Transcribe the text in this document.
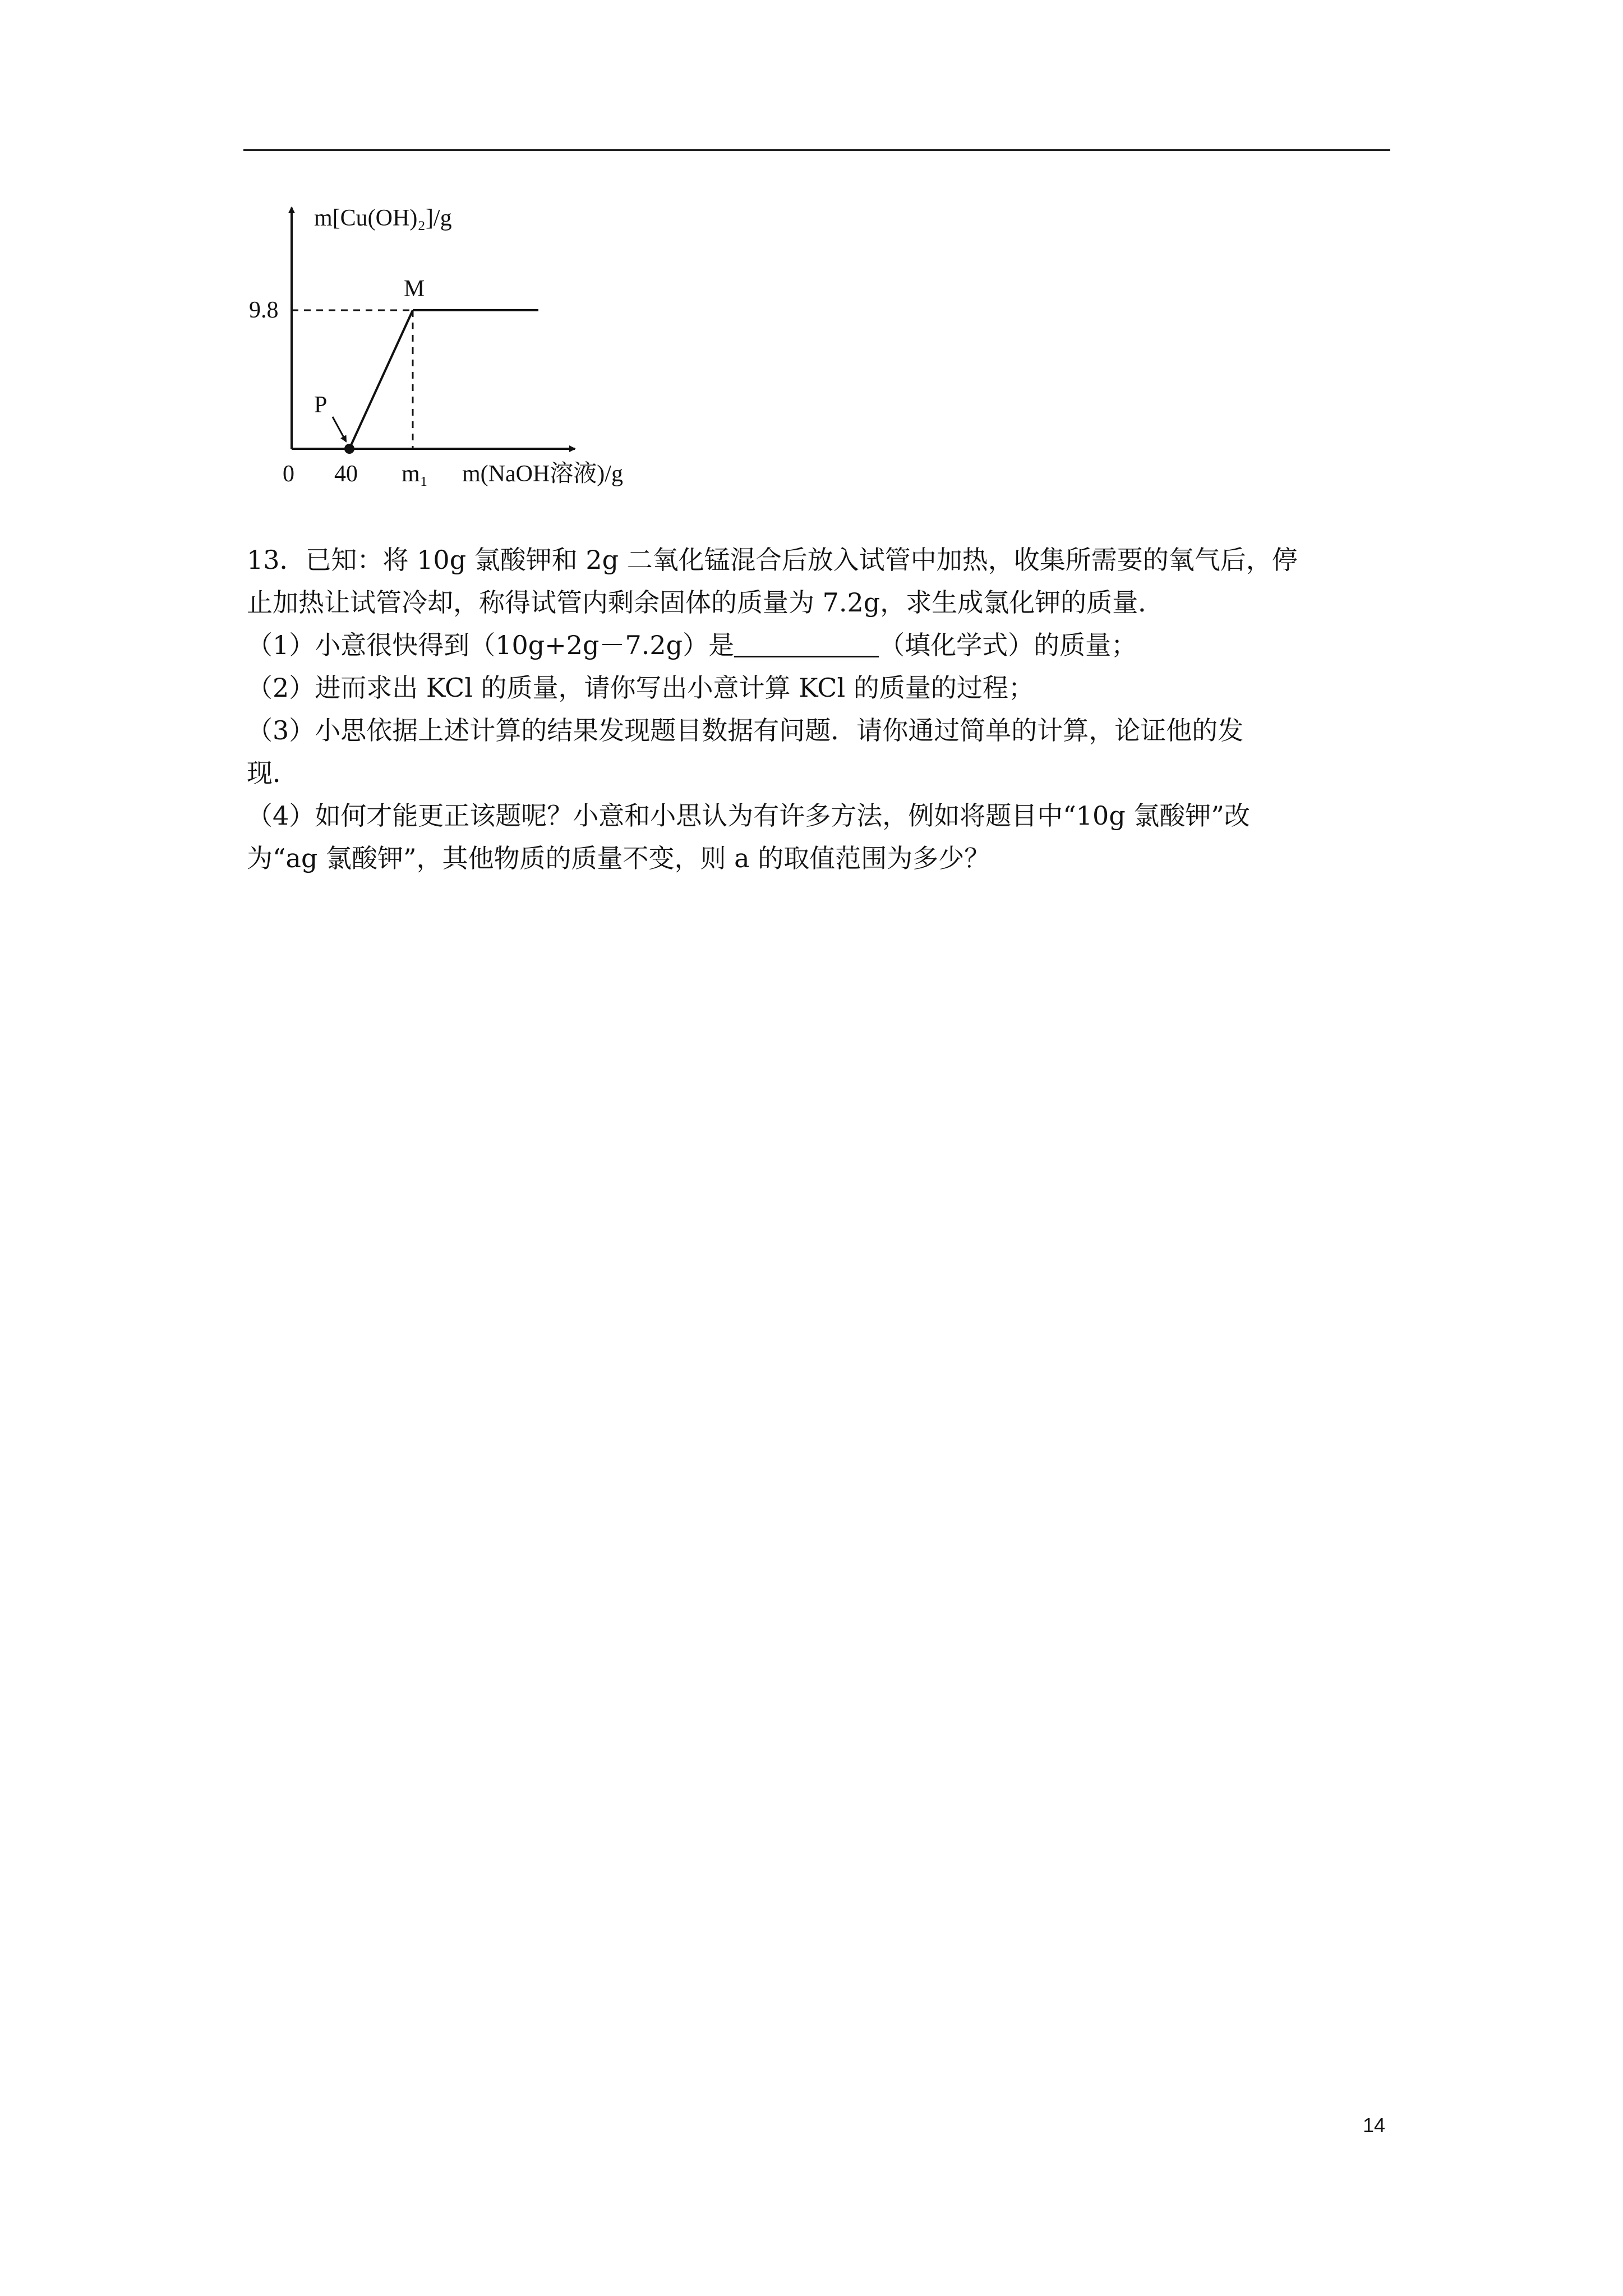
m[Cu(OH)₂]/g
P
M
9.8
0 40 m₁ m(NaOH溶液)/g

13．已知：将 10g 氯酸钾和 2g 二氧化锰混合后放入试管中加热，收集所需要的氧气后，停

止加热让试管冷却，称得试管内剩余固体的质量为 7.2g，求生成氯化钾的质量．

（1）小意很快得到（10g+2g－7.2g）是	（填化学式）的质量；

（2）进而求出 KCl 的质量，请你写出小意计算 KCl 的质量的过程；

（3）小思依据上述计算的结果发现题目数据有问题．请你通过简单的计算，论证他的发

现．

（4）如何才能更正该题呢？小意和小思认为有许多方法，例如将题目中“10g 氯酸钾”改

为“ag 氯酸钾”，其他物质的质量不变，则 a 的取值范围为多少？

14
